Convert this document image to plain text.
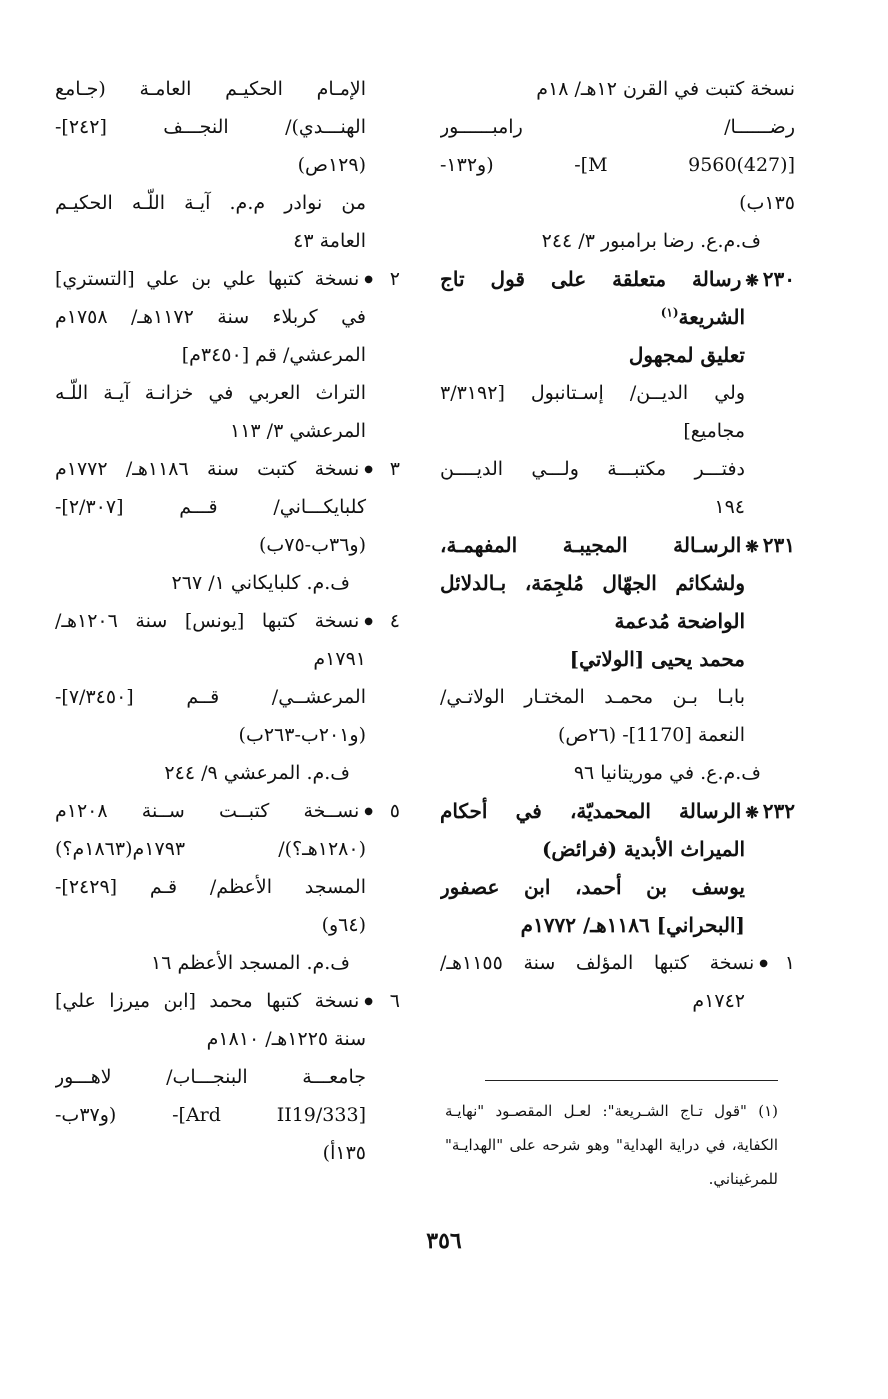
نسخة كتبت في القرن ١٢هـ/ ١٨م
رضــــــا/ رامبــــــور
[M 9560(427)]- (و١٣٢-
١٣٥ب)
ف.م.ع. رضا برامبور ٣/ ٢٤٤
٢٣٠❋رسالة متعلقة على قول تاج
الشريعة$^{(١)}$
تعليق لمجهول
ولي الديــن/ إسـتانبول [٣/٣١٩٢
مجاميع]
دفتـــر مكتبـــة ولـــي الديــــن
١٩٤
٢٣١❋الرسـالة المجيبـة المفهمـة،
ولشكائم الجهّال مُلجِمَة، بـالدلائل
الواضحة مُدعمة
محمد يحيى [الولاتي]
بابـا بـن محمـد المختـار الولاتـي/
النعمة [1170]- (٢٦ص)
ف.م.ع. في موريتانيا ٩٦
٢٣٢❋الرسالة المحمديّة، في أحكام
الميراث الأبدية (فرائض)
يوسف بن أحمد، ابن عصفور
[البحراني] ١١٨٦هـ/ ١٧٧٢م
١●نسخة كتبها المؤلف سنة ١١٥٥هـ/
١٧٤٢م
الإمـام الحكيـم العامـة (جـامع
الهنـــدي)/ النجـــف [٢٤٢]-
(١٢٩ص)
من نوادر م.م. آيـة اللّـه الحكيـم
العامة ٤٣
٢●نسخة كتبها علي بن علي [التستري]
في كربلاء سنة ١١٧٢هـ/ ١٧٥٨م
المرعشي/ قم [٣٤٥٠م]
التراث العربي في خزانـة آيـة اللّـه
المرعشي ٣/ ١١٣
٣●نسخة كتبت سنة ١١٨٦هـ/ ١٧٧٢م
كلبايكـــاني/ قـــم [٢/٣٠٧]-
(و٣٦ب-٧٥ب)
ف.م. كلبايكاني ١/ ٢٦٧
٤●نسخة كتبها [يونس] سنة ١٢٠٦هـ/
١٧٩١م
المرعشــي/ قــم [٧/٣٤٥٠]-
(و٢٠١ب-٢٦٣ب)
ف.م. المرعشي ٩/ ٢٤٤
٥●نســخة كتبــت ســنة ١٢٠٨م
(١٢٨٠هـ؟)/ ١٧٩٣م(١٨٦٣م؟)
المسجد الأعظم/ قـم [٢٤٢٩]-
(٦٤و)
ف.م. المسجد الأعظم ١٦
٦●نسخة كتبها محمد [ابن ميرزا علي]
سنة ١٢٢٥هـ/ ١٨١٠م
جامعـــة البنجـــاب/ لاهـــور
[Ard II19/333]- (و٣٧ب-
١٣٥أ)
(١) "قول تـاج الشـريعة": لعـل المقصـود "نهايـة
الكفاية، في دراية الهداية" وهو شرحه على "الهدايـة"
للمرغيناني.
٣٥٦
